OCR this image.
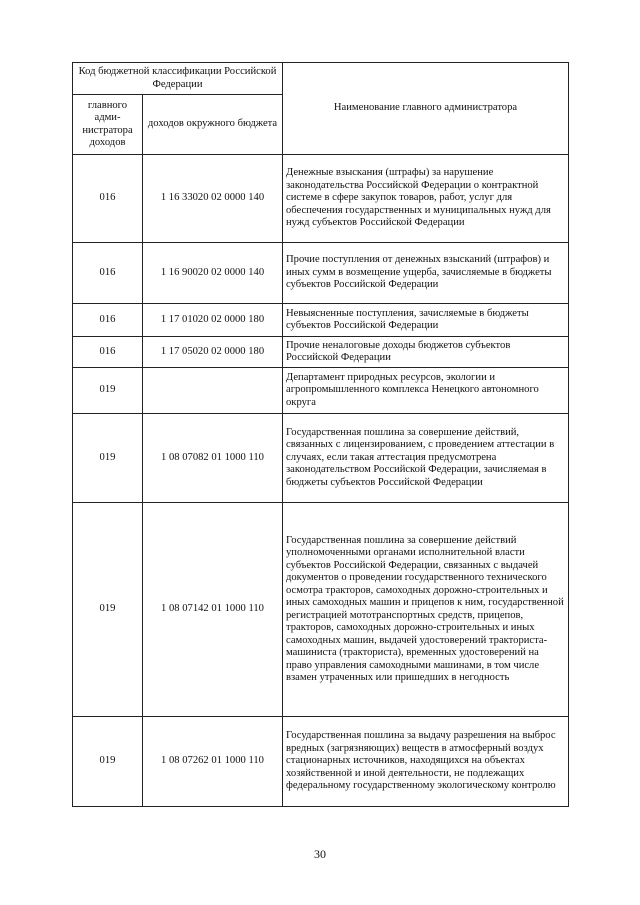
Код бюджетной классификации Российской Федерации		Наименование главного администратора
главного адми-нистратора доходов	доходов окружного бюджета	
016	1 16 33020 02 0000 140	Денежные взыскания (штрафы) за нарушение законодательства Российской Федерации о контрактной системе в сфере закупок товаров, работ, услуг для обеспечения государственных и муниципальных нужд для нужд субъектов Российской Федерации
016	1 16 90020 02 0000 140	Прочие поступления от денежных взысканий (штрафов) и иных сумм в возмещение ущерба, зачисляемые в бюджеты субъектов Российской Федерации
016	1 17 01020 02 0000 180	Невыясненные поступления, зачисляемые в бюджеты субъектов Российской Федерации
016	1 17 05020 02 0000 180	Прочие неналоговые доходы бюджетов субъектов Российской Федерации
019		Департамент природных ресурсов, экологии и агропромышленного комплекса Ненецкого автономного округа
019	1 08 07082 01 1000 110	Государственная пошлина за совершение действий, связанных с лицензированием, с проведением аттестации в случаях, если такая аттестация предусмотрена законодательством Российской Федерации, зачисляемая в бюджеты субъектов Российской Федерации
019	1 08 07142 01 1000 110	Государственная пошлина за совершение действий уполномоченными органами исполнительной власти субъектов Российской Федерации, связанных с выдачей документов о проведении государственного технического осмотра тракторов, самоходных дорожно-строительных и иных самоходных машин и прицепов к ним, государственной регистрацией мототранспортных средств, прицепов, тракторов, самоходных дорожно-строительных и иных самоходных машин, выдачей удостоверений тракториста-машиниста (тракториста), временных удостоверений на право управления самоходными машинами, в том числе взамен утраченных или пришедших в негодность
019	1 08 07262 01 1000 110	Государственная пошлина за выдачу разрешения на выброс вредных (загрязняющих) веществ в атмосферный воздух стационарных источников, находящихся на объектах хозяйственной и иной деятельности, не подлежащих федеральному государственному экологическому контролю
30
